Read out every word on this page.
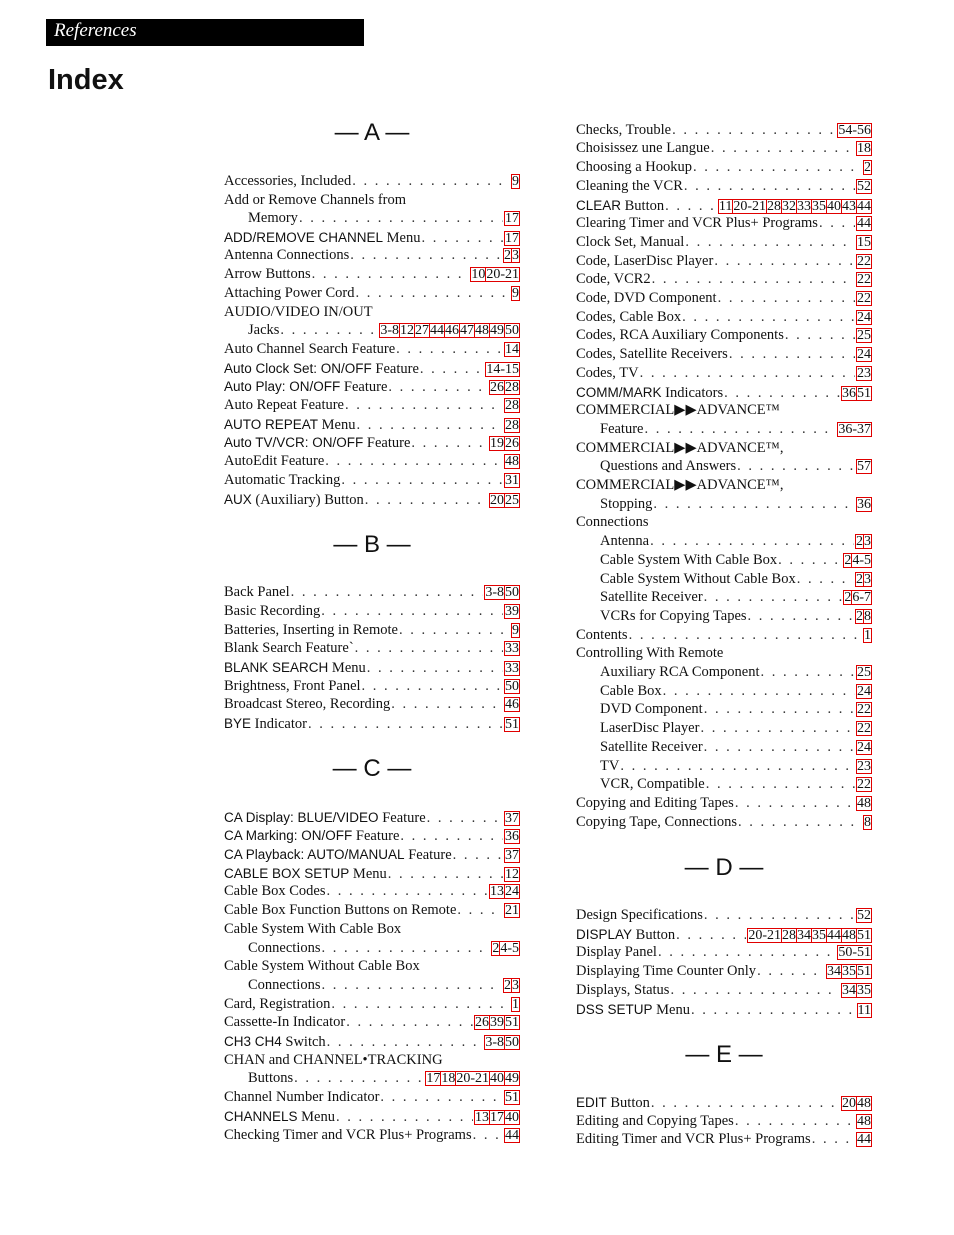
References
Index
— A —
Accessories, Included . . .	9
Add or Remove Channels from
Memory . . .	17
ADD/REMOVE CHANNEL Menu . . .	17
Antenna Connections . . .	2 3
Arrow Buttons . . .	10 20-21
Attaching Power Cord . . .	9
AUDIO/VIDEO IN/OUT
Jacks . . .	3-8 12 27 44 46 47 48 49 50
Auto Channel Search Feature . . .	14
Auto Clock Set: ON/OFF Feature . . .	14-15
Auto Play: ON/OFF Feature . . .	26 28
Auto Repeat Feature . . .	28
AUTO REPEAT Menu . . .	28
Auto TV/VCR: ON/OFF Feature . . .	19 26
AutoEdit Feature . . .	48
Automatic Tracking . . .	31
AUX (Auxiliary) Button . . .	20 25
— B —
Back Panel . . .	3-8 50
Basic Recording . . .	39
Batteries, Inserting in Remote . . .	9
Blank Search Feature` . . .	33
BLANK SEARCH Menu . . .	33
Brightness, Front Panel . . .	50
Broadcast Stereo, Recording . . .	46
BYE Indicator . . .	51
— C —
CA Display: BLUE/VIDEO Feature . . .	37
CA Marking: ON/OFF Feature . . .	36
CA Playback: AUTO/MANUAL Feature . . .	37
CABLE BOX SETUP Menu . . .	12
Cable Box Codes . . .	13 24
Cable Box Function Buttons on Remote . . .	21
Cable System With Cable Box
Connections . . .	2 4-5
Cable System Without Cable Box
Connections . . .	2 3
Card, Registration . . .	1
Cassette-In Indicator . . .	26 39 51
CH3 CH4 Switch . . .	3-8 50
CHAN and CHANNEL•TRACKING
Buttons . . .	17 18 20-21 40 49
Channel Number Indicator . . .	51
CHANNELS Menu . . .	13 17 40
Checking Timer and VCR Plus+ Programs . . . 44
Checks, Trouble . . .	54-56
Choisissez une Langue . . .	18
Choosing a Hookup . . .	2
Cleaning the VCR . . .	52
CLEAR Button . . .	11 20-21 28 32 33 35 40 43 44
Clearing Timer and VCR Plus+ Programs . . .	44
Clock Set, Manual . . .	15
Code, LaserDisc Player . . .	22
Code, VCR2 . . .	22
Code, DVD Component . . .	22
Codes, Cable Box . . .	24
Codes, RCA Auxiliary Components . . .	25
Codes, Satellite Receivers . . .	24
Codes, TV . . .	23
COMM/MARK Indicators . . .	36 51
COMMERCIAL▶▶ADVANCE™
Feature . . .	36-37
COMMERCIAL▶▶ADVANCE™,
Questions and Answers . . .	57
COMMERCIAL▶▶ADVANCE™,
Stopping . . .	36
Connections
Antenna . . .	2 3
Cable System With Cable Box . . .	2 4-5
Cable System Without Cable Box . . .	2 3
Satellite Receiver . . .	2 6-7
VCRs for Copying Tapes . . .	2 8
Contents . . .	1
Controlling With Remote
Auxiliary RCA Component . . .	25
Cable Box . . .	24
DVD Component . . .	22
LaserDisc Player . . .	22
Satellite Receiver . . .	24
TV . . .	23
VCR, Compatible . . .	22
Copying and Editing Tapes . . .	48
Copying Tape, Connections . . .	8
— D —
Design Specifications . . .	52
DISPLAY Button . . .	20-21 28 34 35 44 48 51
Display Panel . . .	50-51
Displaying Time Counter Only . . .	34 35 51
Displays, Status . . .	34 35
DSS SETUP Menu . . .	11
— E —
EDIT Button . . .	20 48
Editing and Copying Tapes . . .	48
Editing Timer and VCR Plus+ Programs . . .	44
